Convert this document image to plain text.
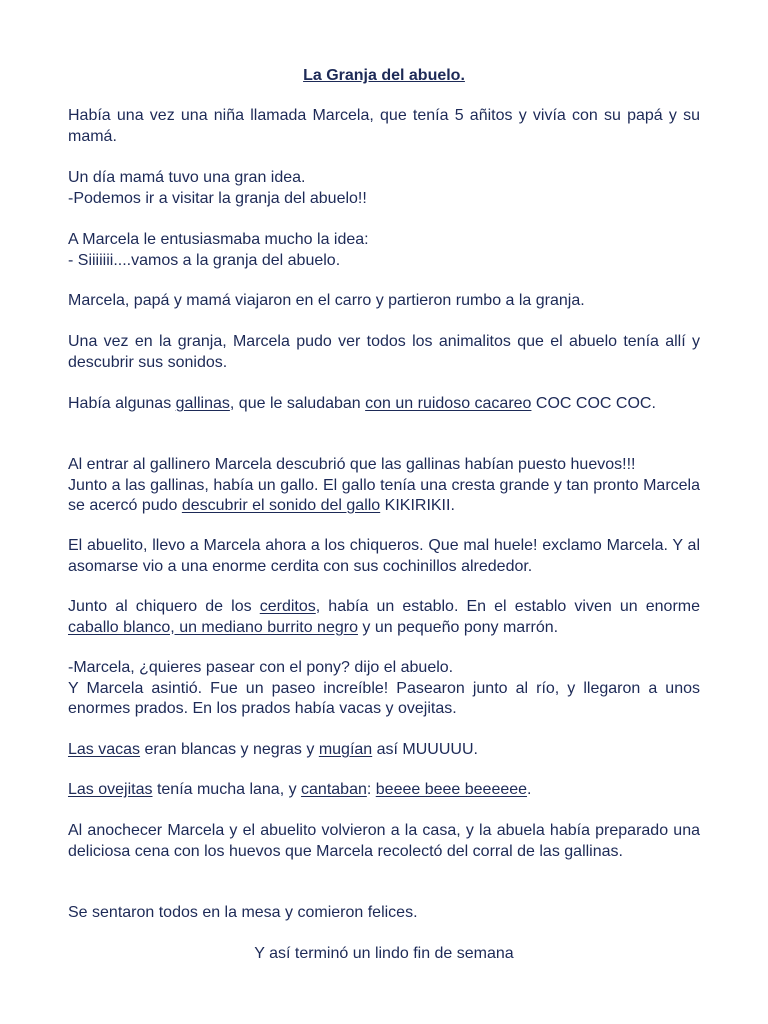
La Granja del abuelo.
Había una vez una niña llamada Marcela, que tenía 5 añitos y vivía con su papá y su mamá.
Un día mamá tuvo una gran idea.
-Podemos ir a visitar la granja del abuelo!!
A Marcela le entusiasmaba mucho la idea:
- Siiiiiii....vamos a la granja del abuelo.
Marcela, papá y mamá viajaron en el carro y partieron rumbo a la granja.
Una vez en la granja, Marcela pudo ver todos los animalitos que el abuelo tenía allí y descubrir sus sonidos.
Había algunas gallinas, que le saludaban con un ruidoso cacareo COC COC COC.
Al entrar al gallinero Marcela descubrió que las gallinas habían puesto huevos!!!
Junto a las gallinas, había un gallo. El gallo tenía una cresta grande y tan pronto Marcela se acercó pudo descubrir el sonido del gallo KIKIRIKII.
El abuelito, llevo a Marcela ahora a los chiqueros. Que mal huele! exclamo Marcela. Y al asomarse vio a una enorme cerdita con sus cochinillos alrededor.
Junto al chiquero de los cerditos, había un establo. En el establo viven un enorme caballo blanco, un mediano burrito negro y un pequeño pony marrón.
-Marcela, ¿quieres pasear con el pony? dijo el abuelo.
Y Marcela asintió. Fue un paseo increíble! Pasearon junto al río, y llegaron a unos enormes prados. En los prados había vacas y ovejitas.
Las vacas eran blancas y negras y mugían así MUUUUU.
Las ovejitas tenía mucha lana, y cantaban: beeee beee beeeeee.
Al anochecer Marcela y el abuelito volvieron a la casa, y la abuela había preparado una deliciosa cena con los huevos que Marcela recolectó del corral de las gallinas.
Se sentaron todos en la mesa y comieron felices.
Y así terminó un lindo fin de semana
